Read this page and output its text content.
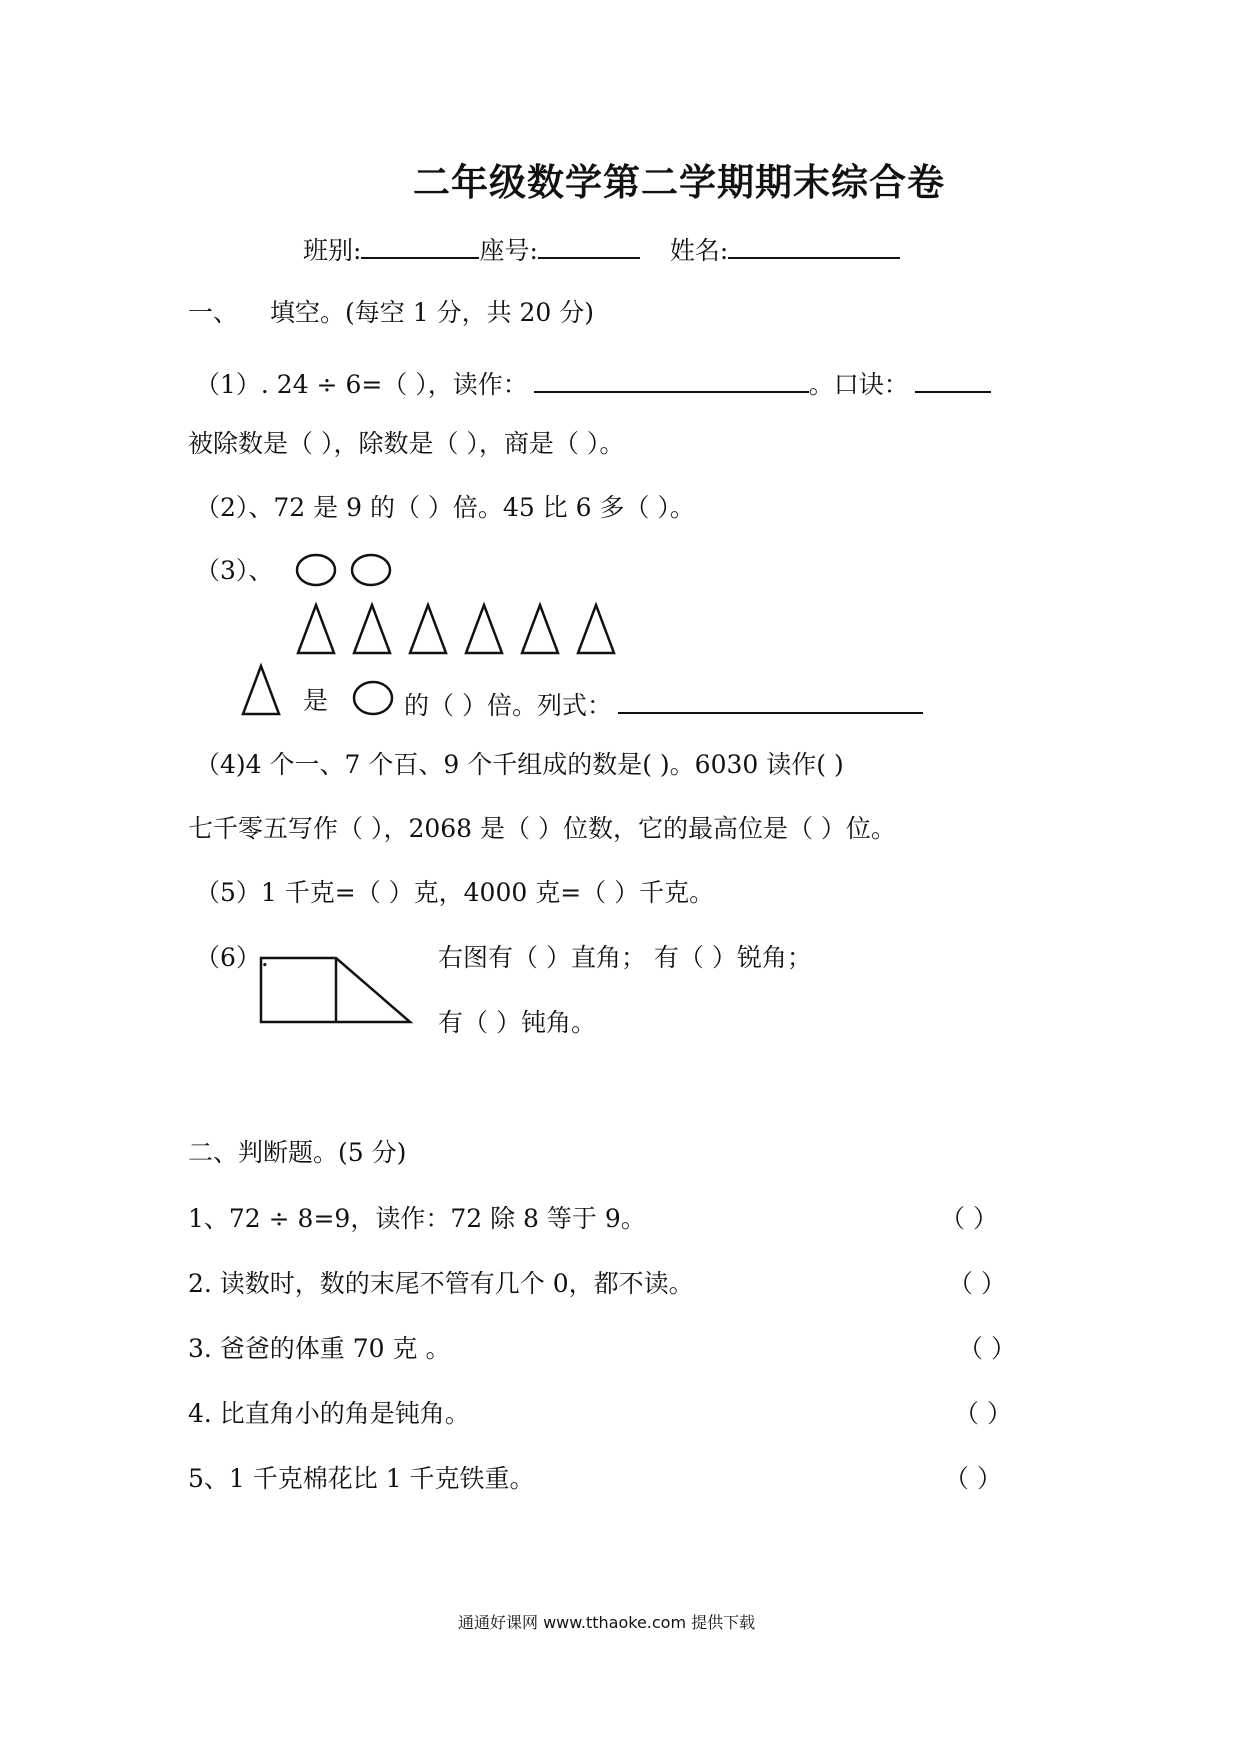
二年级数学第二学期期末综合卷
班别:	座号:	姓名:
一、 填空。(每空 1 分，共 20 分)
（1）. 24 ÷ 6=（ ），读作：	。口诀：
被除数是（ ），除数是（ ），商是（ ）。
（2）、72 是 9 的（ ）倍。45 比 6 多（ ）。
（3）、
是	的（ ）倍。列式：
（4)4 个一、7 个百、9 个千组成的数是( )。6030 读作( )
七千零五写作（ ），2068 是（ ）位数，它的最高位是（ ）位。
（5）1 千克=（ ）克，4000 克=（ ）千克。
（6）.	右图有（ ）直角； 有（ ）锐角；
有（ ）钝角。
二、判断题。(5 分)
1、72 ÷ 8=9，读作：72 除 8 等于 9。	（ ）
2. 读数时，数的末尾不管有几个 0，都不读。	（ ）
3. 爸爸的体重 70 克 。	（ ）
4. 比直角小的角是钝角。	（ ）
5、1 千克棉花比 1 千克铁重。	（ ）
通通好课网 www.tthaoke.com 提供下载
